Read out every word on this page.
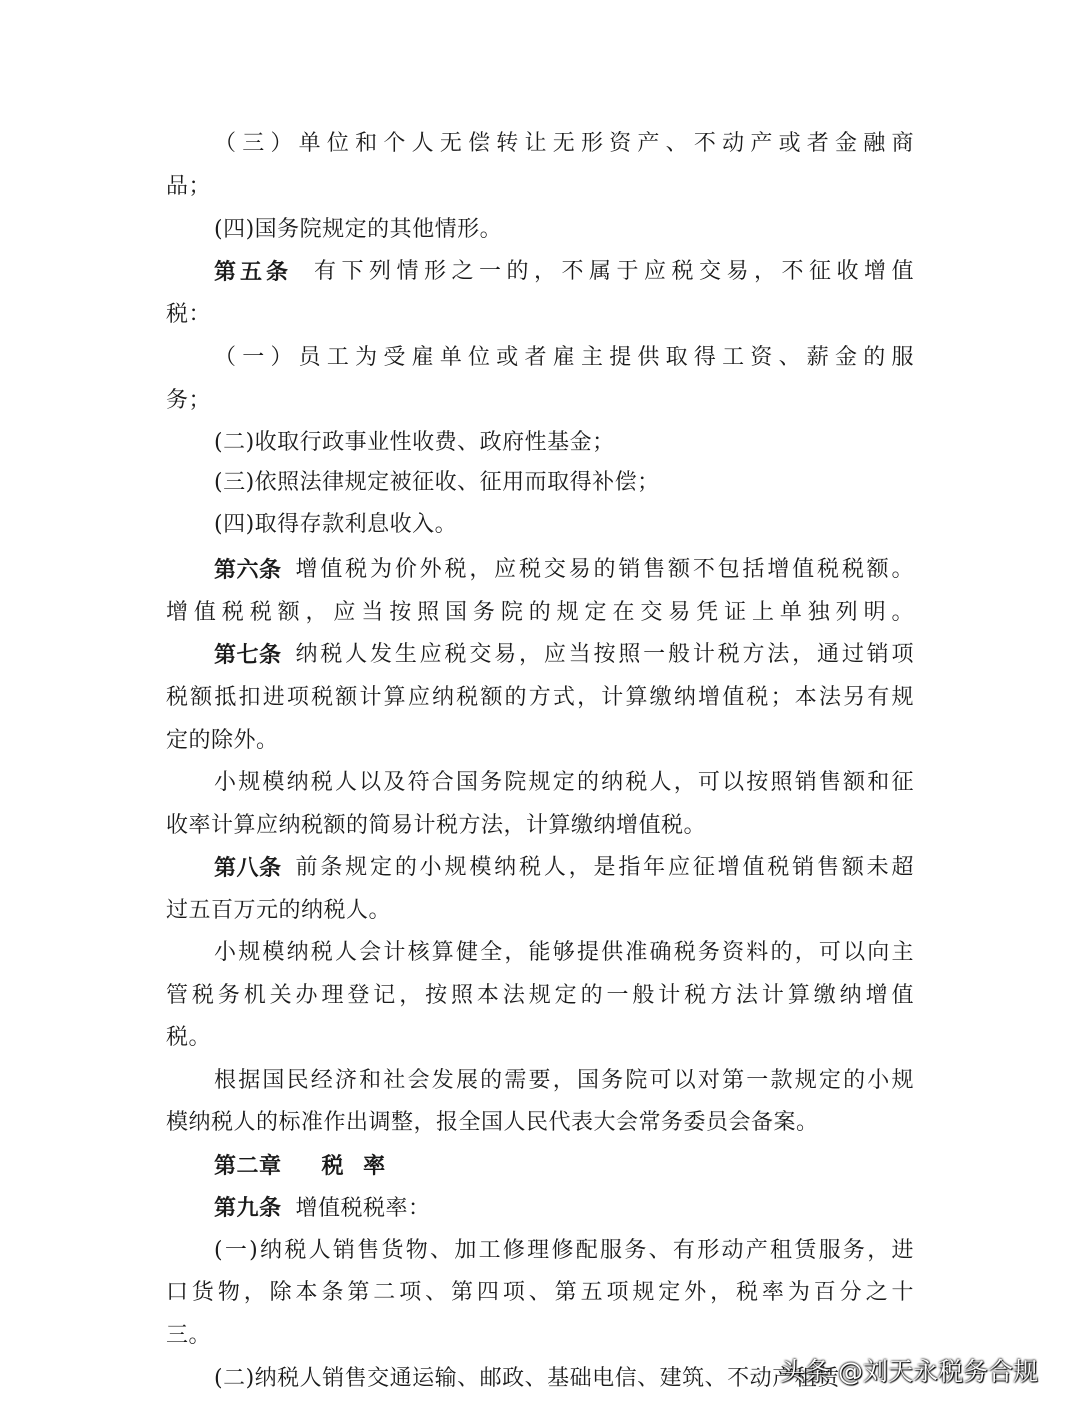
（三）单位和个人无偿转让无形资产、不动产或者金融商
品；
(四)国务院规定的其他情形。
第五条 有下列情形之一的，不属于应税交易，不征收增值
税：
（一）员工为受雇单位或者雇主提供取得工资、薪金的服
务；
(二)收取行政事业性收费、政府性基金；
(三)依照法律规定被征收、征用而取得补偿；
(四)取得存款利息收入。
第六条 增值税为价外税，应税交易的销售额不包括增值税税额。
增值税税额，应当按照国务院的规定在交易凭证上单独列明。
第七条 纳税人发生应税交易，应当按照一般计税方法，通过销项
税额抵扣进项税额计算应纳税额的方式，计算缴纳增值税；本法另有规
定的除外。
小规模纳税人以及符合国务院规定的纳税人，可以按照销售额和征
收率计算应纳税额的简易计税方法，计算缴纳增值税。
第八条 前条规定的小规模纳税人，是指年应征增值税销售额未超
过五百万元的纳税人。
小规模纳税人会计核算健全，能够提供准确税务资料的，可以向主
管税务机关办理登记，按照本法规定的一般计税方法计算缴纳增值
税。
根据国民经济和社会发展的需要，国务院可以对第一款规定的小规
模纳税人的标准作出调整，报全国人民代表大会常务委员会备案。
第二章 税 率
第九条 增值税税率：
(一)纳税人销售货物、加工修理修配服务、有形动产租赁服务，进
口货物，除本条第二项、第四项、第五项规定外，税率为百分之十
三。
(二)纳税人销售交通运输、邮政、基础电信、建筑、不动产租赁
头条 @刘天永税务合规
